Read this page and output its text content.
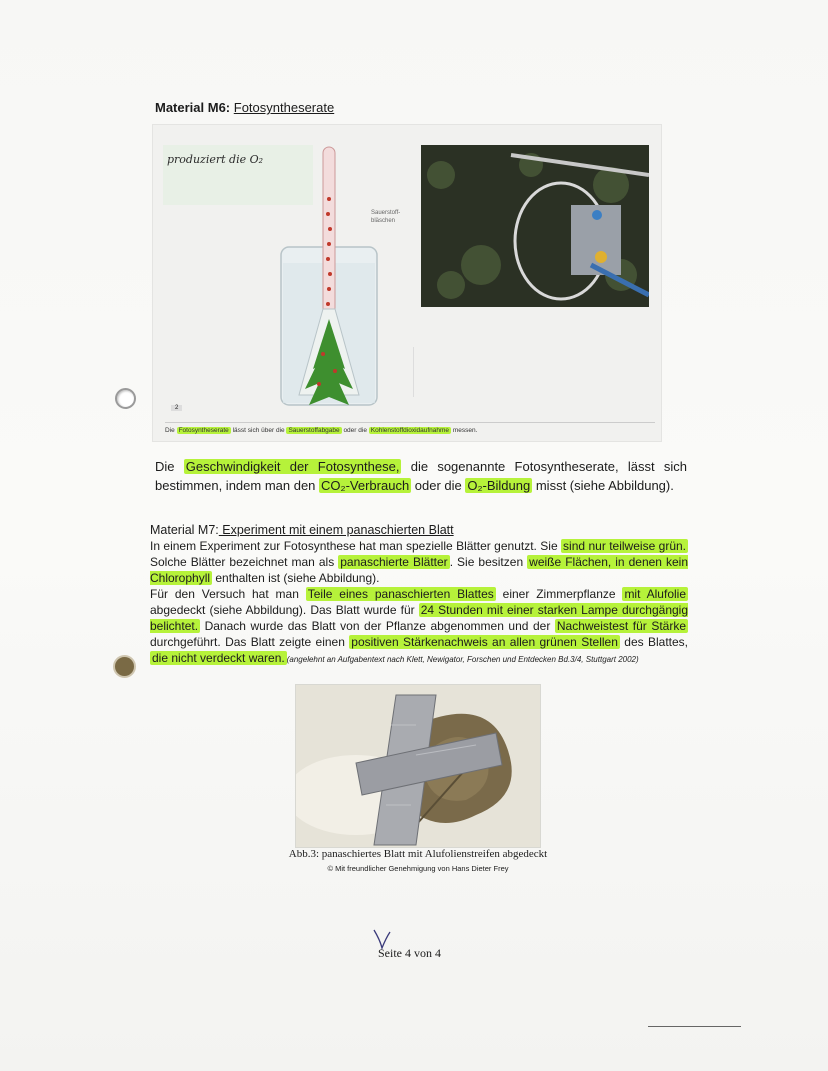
Material M6: Fotosyntheserate
produziert die O₂
Sauerstoff-
bläschen
2
Die Fotosyntheserate lässt sich über die Sauerstoffabgabe oder die Kohlenstoffdioxidaufnahme messen.
Die Geschwindigkeit der Fotosynthese, die sogenannte Fotosyntheserate, lässt sich bestimmen, indem man den CO₂-Verbrauch oder die O₂-Bildung misst (siehe Abbildung).
Material M7: Experiment mit einem panaschierten Blatt
In einem Experiment zur Fotosynthese hat man spezielle Blätter genutzt. Sie sind nur teilweise grün. Solche Blätter bezeichnet man als panaschierte Blätter . Sie besitzen weiße Flächen, in denen kein Chlorophyll enthalten ist (siehe Abbildung).
Für den Versuch hat man Teile eines panaschierten Blattes einer Zimmerpflanze mit Alufolie abgedeckt (siehe Abbildung). Das Blatt wurde für 24 Stunden mit einer starken Lampe durchgängig belichtet. Danach wurde das Blatt von der Pflanze abgenommen und der Nachweistest für Stärke durchgeführt. Das Blatt zeigte einen positiven Stärkenachweis an allen grünen Stellen des Blattes, die nicht verdeckt waren. (angelehnt an Aufgabentext nach Klett, Newigator, Forschen und Entdecken Bd.3/4, Stuttgart 2002)
Abb.3: panaschiertes Blatt mit Alufolienstreifen abgedeckt
© Mit freundlicher Genehmigung von Hans Dieter Frey
Seite 4 von 4
